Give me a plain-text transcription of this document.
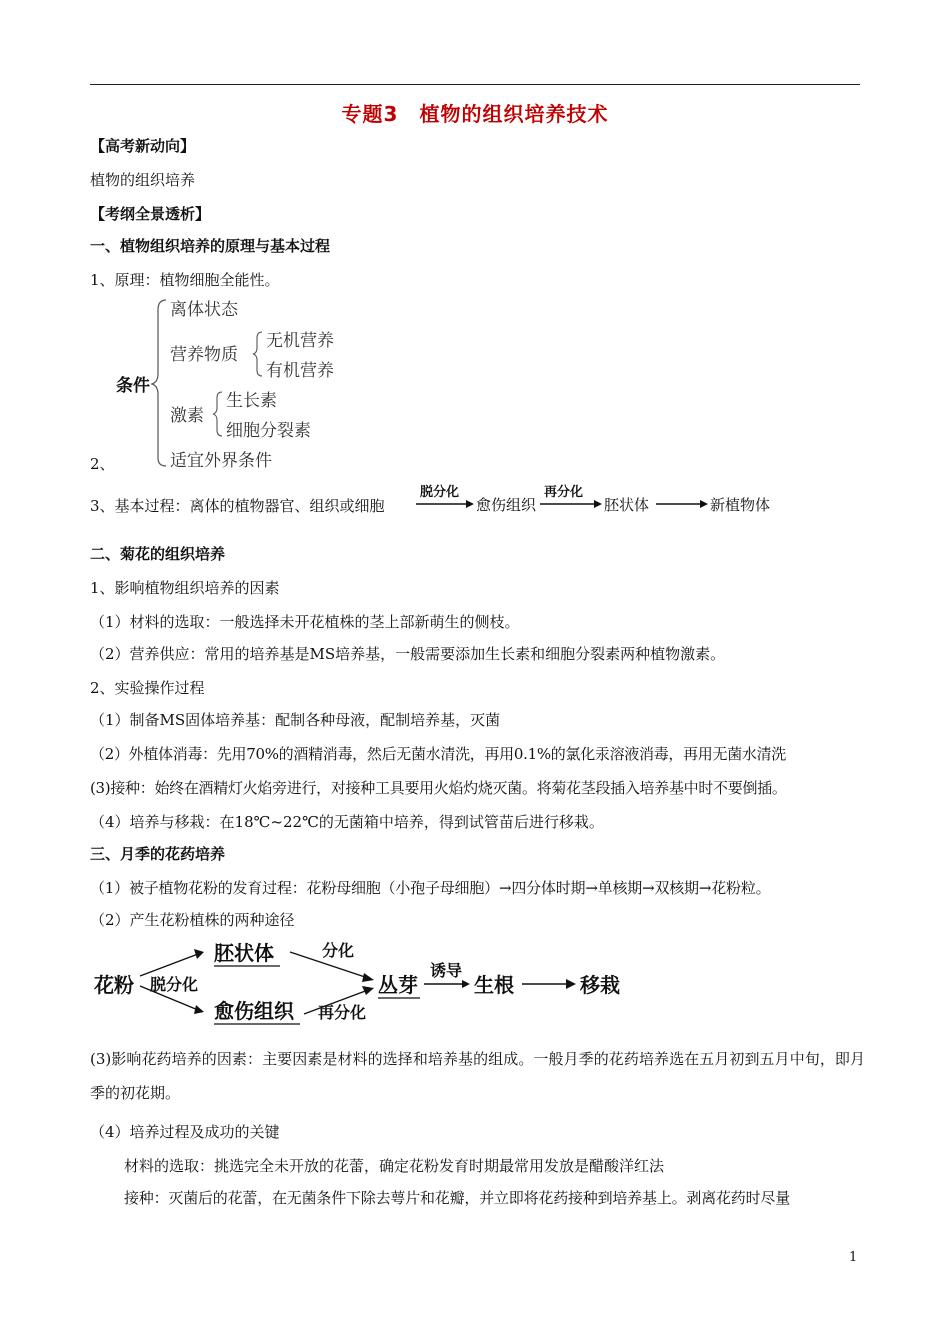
专题3　植物的组织培养技术
【高考新动向】
植物的组织培养
【考纲全景透析】
一、植物组织培养的原理与基本过程
1、原理：植物细胞全能性。
条件
离体状态
营养物质
无机营养
有机营养
激素
生长素
细胞分裂素
适宜外界条件
2、
3、基本过程：离体的植物器官、组织或细胞
脱分化
愈伤组织
再分化
胚状体	新植物体
二、菊花的组织培养
1、影响植物组织培养的因素
（1）材料的选取：一般选择未开花植株的茎上部新萌生的侧枝。
（2）营养供应：常用的培养基是MS培养基，一般需要添加生长素和细胞分裂素两种植物激素。
2、实验操作过程
（1）制备MS固体培养基：配制各种母液，配制培养基，灭菌
（2）外植体消毒：先用70%的酒精消毒，然后无菌水清洗，再用0.1%的氯化汞溶液消毒，再用无菌水清洗
(3)接种：始终在酒精灯火焰旁进行，对接种工具要用火焰灼烧灭菌。将菊花茎段插入培养基中时不要倒插。
（4）培养与移栽：在18℃~22℃的无菌箱中培养，得到试管苗后进行移栽。
三、月季的花药培养
（1）被子植物花粉的发育过程：花粉母细胞（小孢子母细胞）→四分体时期→单核期→双核期→花粉粒。
（2）产生花粉植株的两种途径
花粉 脱分化
胚状体
愈伤组织
分化
再分化
丛芽
诱导
生根	移栽
(3)影响花药培养的因素：主要因素是材料的选择和培养基的组成。一般月季的花药培养选在五月初到五月中旬，即月季的初花期。
（4）培养过程及成功的关键
材料的选取：挑选完全未开放的花蕾，确定花粉发育时期最常用发放是醋酸洋红法
接种：灭菌后的花蕾，在无菌条件下除去萼片和花瓣，并立即将花药接种到培养基上。剥离花药时尽量
1
